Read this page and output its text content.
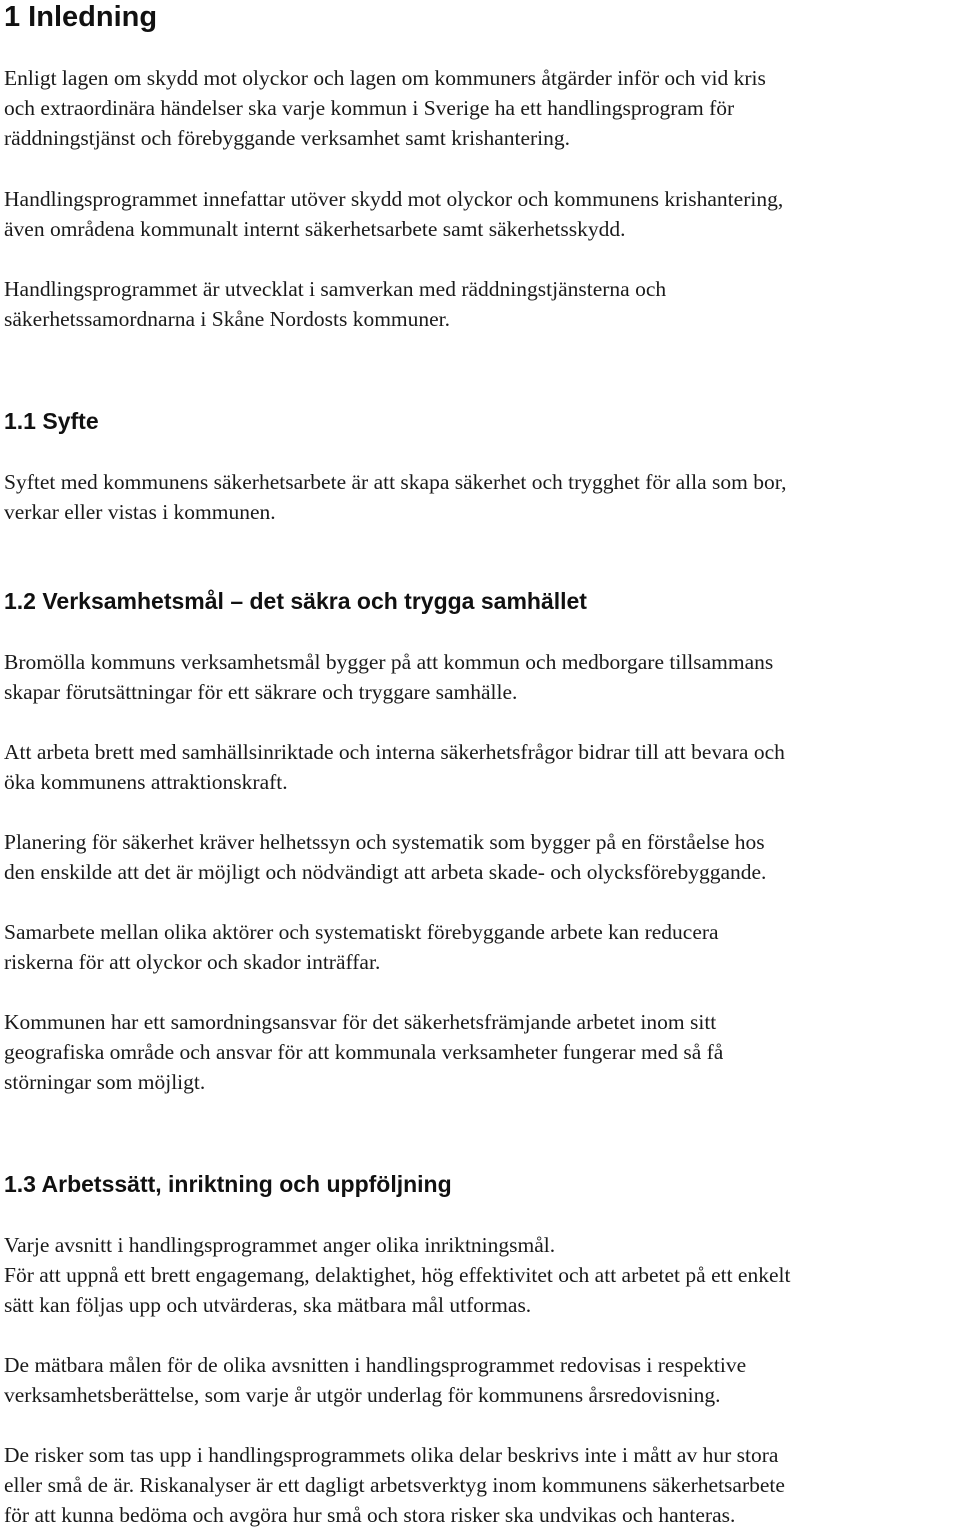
1 Inledning

Enligt lagen om skydd mot olyckor och lagen om kommuners åtgärder inför och vid kris
och extraordinära händelser ska varje kommun i Sverige ha ett handlingsprogram för
räddningstjänst och förebyggande verksamhet samt krishantering.

Handlingsprogrammet innefattar utöver skydd mot olyckor och kommunens krishantering,
även områdena kommunalt internt säkerhetsarbete samt säkerhetsskydd.

Handlingsprogrammet är utvecklat i samverkan med räddningstjänsterna och
säkerhetssamordnarna i Skåne Nordosts kommuner.

1.1 Syfte

Syftet med kommunens säkerhetsarbete är att skapa säkerhet och trygghet för alla som bor,
verkar eller vistas i kommunen.

1.2 Verksamhetsmål – det säkra och trygga samhället

Bromölla kommuns verksamhetsmål bygger på att kommun och medborgare tillsammans
skapar förutsättningar för ett säkrare och tryggare samhälle.

Att arbeta brett med samhällsinriktade och interna säkerhetsfrågor bidrar till att bevara och
öka kommunens attraktionskraft.

Planering för säkerhet kräver helhetssyn och systematik som bygger på en förståelse hos
den enskilde att det är möjligt och nödvändigt att arbeta skade- och olycksförebyggande.

Samarbete mellan olika aktörer och systematiskt förebyggande arbete kan reducera
riskerna för att olyckor och skador inträffar.

Kommunen har ett samordningsansvar för det säkerhetsfrämjande arbetet inom sitt
geografiska område och ansvar för att kommunala verksamheter fungerar med så få
störningar som möjligt.

1.3 Arbetssätt, inriktning och uppföljning

Varje avsnitt i handlingsprogrammet anger olika inriktningsmål.
För att uppnå ett brett engagemang, delaktighet, hög effektivitet och att arbetet på ett enkelt
sätt kan följas upp och utvärderas, ska mätbara mål utformas.

De mätbara målen för de olika avsnitten i handlingsprogrammet redovisas i respektive
verksamhetsberättelse, som varje år utgör underlag för kommunens årsredovisning.

De risker som tas upp i handlingsprogrammets olika delar beskrivs inte i mått av hur stora
eller små de är. Riskanalyser är ett dagligt arbetsverktyg inom kommunens säkerhetsarbete
för att kunna bedöma och avgöra hur små och stora risker ska undvikas och hanteras.
